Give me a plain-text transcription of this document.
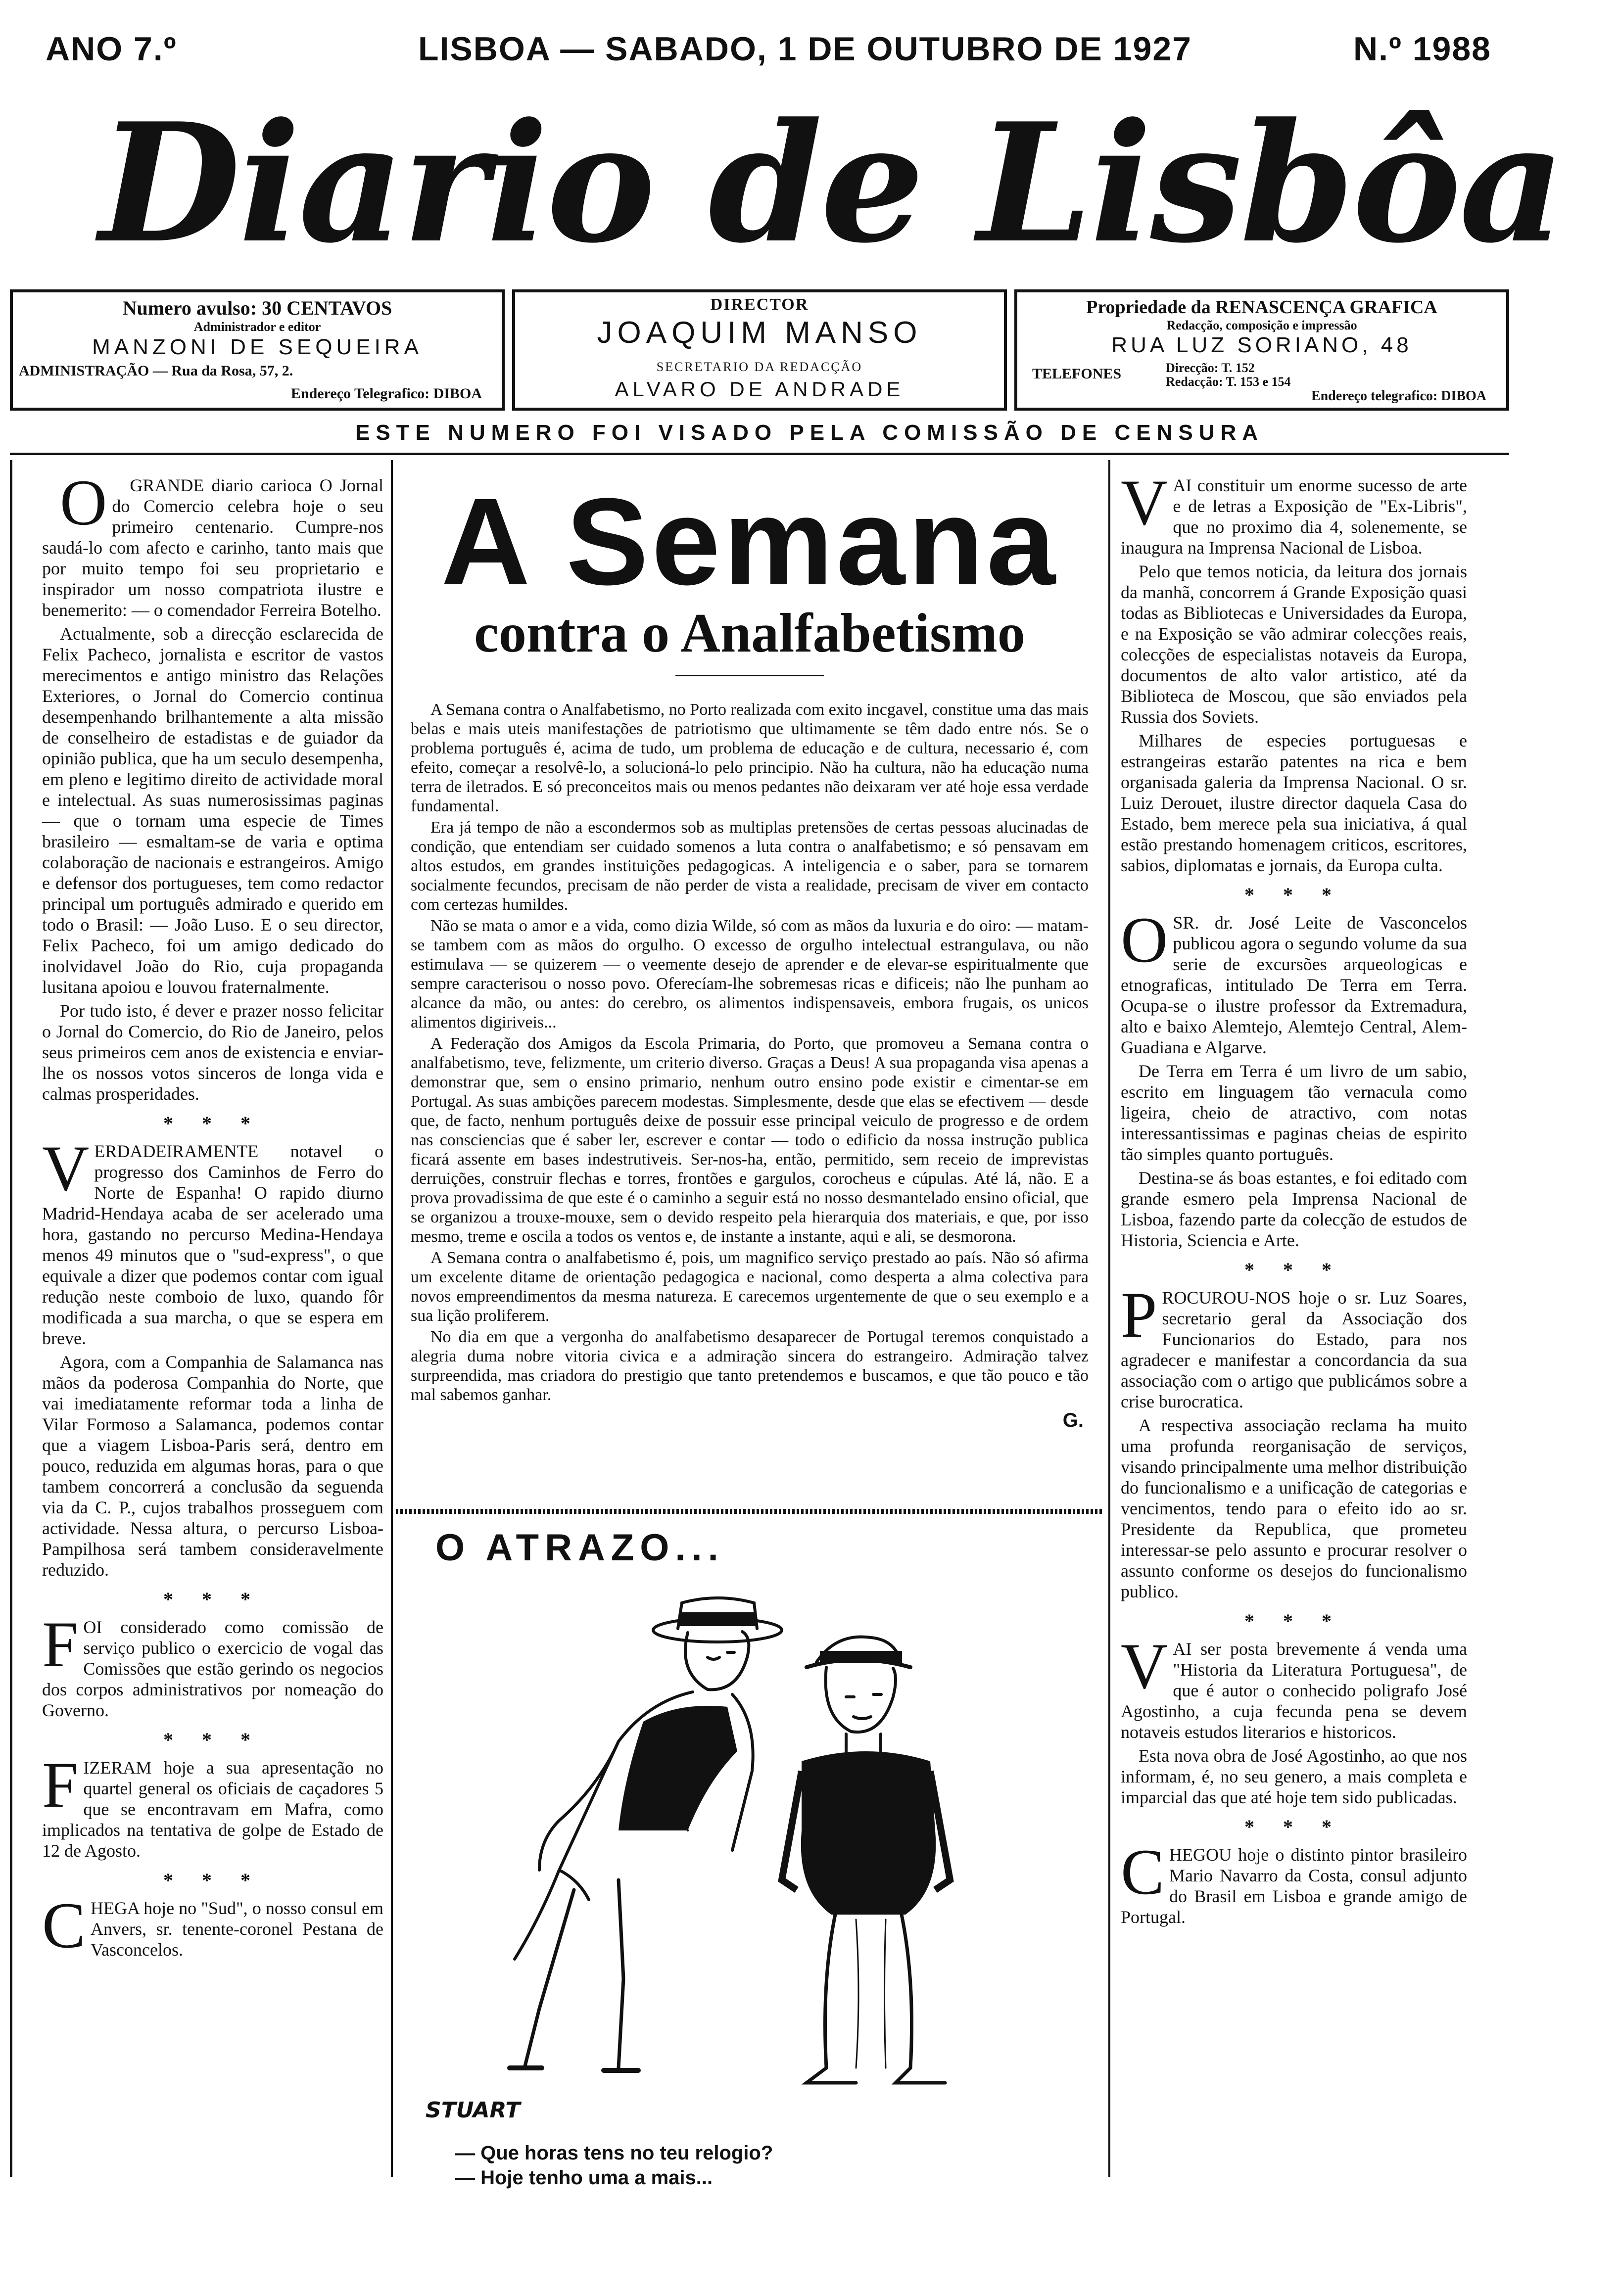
ANO 7.º	LISBOA — SABADO, 1 DE OUTUBRO DE 1927	N.º 1988
Diario de Lisbôa
Numero avulso: 30 CENTAVOS
Administrador e editor
MANZONI DE SEQUEIRA
ADMINISTRAÇÃO — Rua da Rosa, 57, 2.
Endereço Telegrafico: DIBOA
DIRECTOR
JOAQUIM MANSO
SECRETARIO DA REDACÇÃO
ALVARO DE ANDRADE
Propriedade da RENASCENÇA GRAFICA
Redacção, composição e impressão
RUA LUZ SORIANO, 48
TELEFONES	Direcção: T. 152
Redacção: T. 153 e 154
Endereço telegrafico: DIBOA
ESTE NUMERO FOI VISADO PELA COMISSÃO DE CENSURA

O GRANDE diario carioca O Jornal do Comercio celebra hoje o seu primeiro centenario. Cumpre-nos saudá-lo com afecto e carinho, tanto mais que por muito tempo foi seu proprietario e inspirador um nosso compatriota ilustre e benemerito: — o comendador Ferreira Botelho.

Actualmente, sob a direcção esclarecida de Felix Pacheco, jornalista e escritor de vastos merecimentos e antigo ministro das Relações Exteriores, o Jornal do Comercio continua desempenhando brilhantemente a alta missão de conselheiro de estadistas e de guiador da opinião publica, que ha um seculo desempenha, em pleno e legitimo direito de actividade moral e intelectual. As suas numerosissimas paginas — que o tornam uma especie de Times brasileiro — esmaltam-se de varia e optima colaboração de nacionais e estrangeiros. Amigo e defensor dos portugueses, tem como redactor principal um português admirado e querido em todo o Brasil: — João Luso. E o seu director, Felix Pacheco, foi um amigo dedicado do inolvidavel João do Rio, cuja propaganda lusitana apoiou e louvou fraternalmente.

Por tudo isto, é dever e prazer nosso felicitar o Jornal do Comercio, do Rio de Janeiro, pelos seus primeiros cem anos de existencia e enviar-lhe os nossos votos sinceros de longa vida e calmas prosperidades.

* * *

VERDADEIRAMENTE notavel o progresso dos Caminhos de Ferro do Norte de Espanha! O rapido diurno Madrid-Hendaya acaba de ser acelerado uma hora, gastando no percurso Medina-Hendaya menos 49 minutos que o "sud-express", o que equivale a dizer que podemos contar com igual redução neste comboio de luxo, quando fôr modificada a sua marcha, o que se espera em breve.

Agora, com a Companhia de Salamanca nas mãos da poderosa Companhia do Norte, que vai imediatamente reformar toda a linha de Vilar Formoso a Salamanca, podemos contar que a viagem Lisboa-Paris será, dentro em pouco, reduzida em algumas horas, para o que tambem concorrerá a conclusão da seguenda via da C. P., cujos trabalhos prosseguem com actividade. Nessa altura, o percurso Lisboa-Pampilhosa será tambem consideravelmente reduzido.

* * *

FOI considerado como comissão de serviço publico o exercicio de vogal das Comissões que estão gerindo os negocios dos corpos administrativos por nomeação do Governo.

* * *

FIZERAM hoje a sua apresentação no quartel general os oficiais de caçadores 5 que se encontravam em Mafra, como implicados na tentativa de golpe de Estado de 12 de Agosto.

* * *

CHEGA hoje no "Sud", o nosso consul em Anvers, sr. tenente-coronel Pestana de Vasconcelos.

A Semana
contra o Analfabetismo

A Semana contra o Analfabetismo, no Porto realizada com exito incgavel, constitue uma das mais belas e mais uteis manifestações de patriotismo que ultimamente se têm dado entre nós. Se o problema português é, acima de tudo, um problema de educação e de cultura, necessario é, com efeito, começar a resolvê-lo, a solucioná-lo pelo principio. Não ha cultura, não ha educação numa terra de iletrados. E só preconceitos mais ou menos pedantes não deixaram ver até hoje essa verdade fundamental.

Era já tempo de não a escondermos sob as multiplas pretensões de certas pessoas alucinadas de condição, que entendiam ser cuidado somenos a luta contra o analfabetismo; e só pensavam em altos estudos, em grandes instituições pedagogicas. A inteligencia e o saber, para se tornarem socialmente fecundos, precisam de não perder de vista a realidade, precisam de viver em contacto com certezas humildes.

Não se mata o amor e a vida, como dizia Wilde, só com as mãos da luxuria e do oiro: — matam-se tambem com as mãos do orgulho. O excesso de orgulho intelectual estrangulava, ou não estimulava — se quizerem — o veemente desejo de aprender e de elevar-se espiritualmente que sempre caracterisou o nosso povo. Oferecíam-lhe sobremesas ricas e dificeis; não lhe punham ao alcance da mão, ou antes: do cerebro, os alimentos indispensaveis, embora frugais, os unicos alimentos digiriveis...

A Federação dos Amigos da Escola Primaria, do Porto, que promoveu a Semana contra o analfabetismo, teve, felizmente, um criterio diverso. Graças a Deus! A sua propaganda visa apenas a demonstrar que, sem o ensino primario, nenhum outro ensino pode existir e cimentar-se em Portugal. As suas ambições parecem modestas. Simplesmente, desde que elas se efectivem — desde que, de facto, nenhum português deixe de possuir esse principal veiculo de progresso e de ordem nas consciencias que é saber ler, escrever e contar — todo o edificio da nossa instrução publica ficará assente em bases indestrutiveis. Ser-nos-ha, então, permitido, sem receio de imprevistas derruições, construir flechas e torres, frontões e gargulos, corocheus e cúpulas. Até lá, não. E a prova provadissima de que este é o caminho a seguir está no nosso desmantelado ensino oficial, que se organizou a trouxe-mouxe, sem o devido respeito pela hierarquia dos materiais, e que, por isso mesmo, treme e oscila a todos os ventos e, de instante a instante, aqui e ali, se desmorona.

A Semana contra o analfabetismo é, pois, um magnifico serviço prestado ao país. Não só afirma um excelente ditame de orientação pedagogica e nacional, como desperta a alma colectiva para novos empreendimentos da mesma natureza. E carecemos urgentemente de que o seu exemplo e a sua lição proliferem.

No dia em que a vergonha do analfabetismo desaparecer de Portugal teremos conquistado a alegria duma nobre vitoria civica e a admiração sincera do estrangeiro. Admiração talvez surpreendida, mas criadora do prestigio que tanto pretendemos e buscamos, e que tão pouco e tão mal sabemos ganhar.

G.
O ATRAZO...
STUART
— Que horas tens no teu relogio?
— Hoje tenho uma a mais...

VAI constituir um enorme sucesso de arte e de letras a Exposição de "Ex-Libris", que no proximo dia 4, solenemente, se inaugura na Imprensa Nacional de Lisboa.

Pelo que temos noticia, da leitura dos jornais da manhã, concorrem á Grande Exposição quasi todas as Bibliotecas e Universidades da Europa, e na Exposição se vão admirar colecções reais, colecções de especialistas notaveis da Europa, documentos de alto valor artistico, até da Biblioteca de Moscou, que são enviados pela Russia dos Soviets.

Milhares de especies portuguesas e estrangeiras estarão patentes na rica e bem organisada galeria da Imprensa Nacional. O sr. Luiz Derouet, ilustre director daquela Casa do Estado, bem merece pela sua iniciativa, á qual estão prestando homenagem criticos, escritores, sabios, diplomatas e jornais, da Europa culta.

* * *

OSR. dr. José Leite de Vasconcelos publicou agora o segundo volume da sua serie de excursões arqueologicas e etnograficas, intitulado De Terra em Terra. Ocupa-se o ilustre professor da Extremadura, alto e baixo Alemtejo, Alemtejo Central, Alem-Guadiana e Algarve.

De Terra em Terra é um livro de um sabio, escrito em linguagem tão vernacula como ligeira, cheio de atractivo, com notas interessantissimas e paginas cheias de espirito tão simples quanto português.

Destina-se ás boas estantes, e foi editado com grande esmero pela Imprensa Nacional de Lisboa, fazendo parte da colecção de estudos de Historia, Sciencia e Arte.

* * *

PROCUROU-NOS hoje o sr. Luz Soares, secretario geral da Associação dos Funcionarios do Estado, para nos agradecer e manifestar a concordancia da sua associação com o artigo que publicámos sobre a crise burocratica.

A respectiva associação reclama ha muito uma profunda reorganisação de serviços, visando principalmente uma melhor distribuição do funcionalismo e a unificação de categorias e vencimentos, tendo para o efeito ido ao sr. Presidente da Republica, que prometeu interessar-se pelo assunto e procurar resolver o assunto conforme os desejos do funcionalismo publico.

* * *

VAI ser posta brevemente á venda uma "Historia da Literatura Portuguesa", de que é autor o conhecido poligrafo José Agostinho, a cuja fecunda pena se devem notaveis estudos literarios e historicos.

Esta nova obra de José Agostinho, ao que nos informam, é, no seu genero, a mais completa e imparcial das que até hoje tem sido publicadas.

* * *

CHEGOU hoje o distinto pintor brasileiro Mario Navarro da Costa, consul adjunto do Brasil em Lisboa e grande amigo de Portugal.
